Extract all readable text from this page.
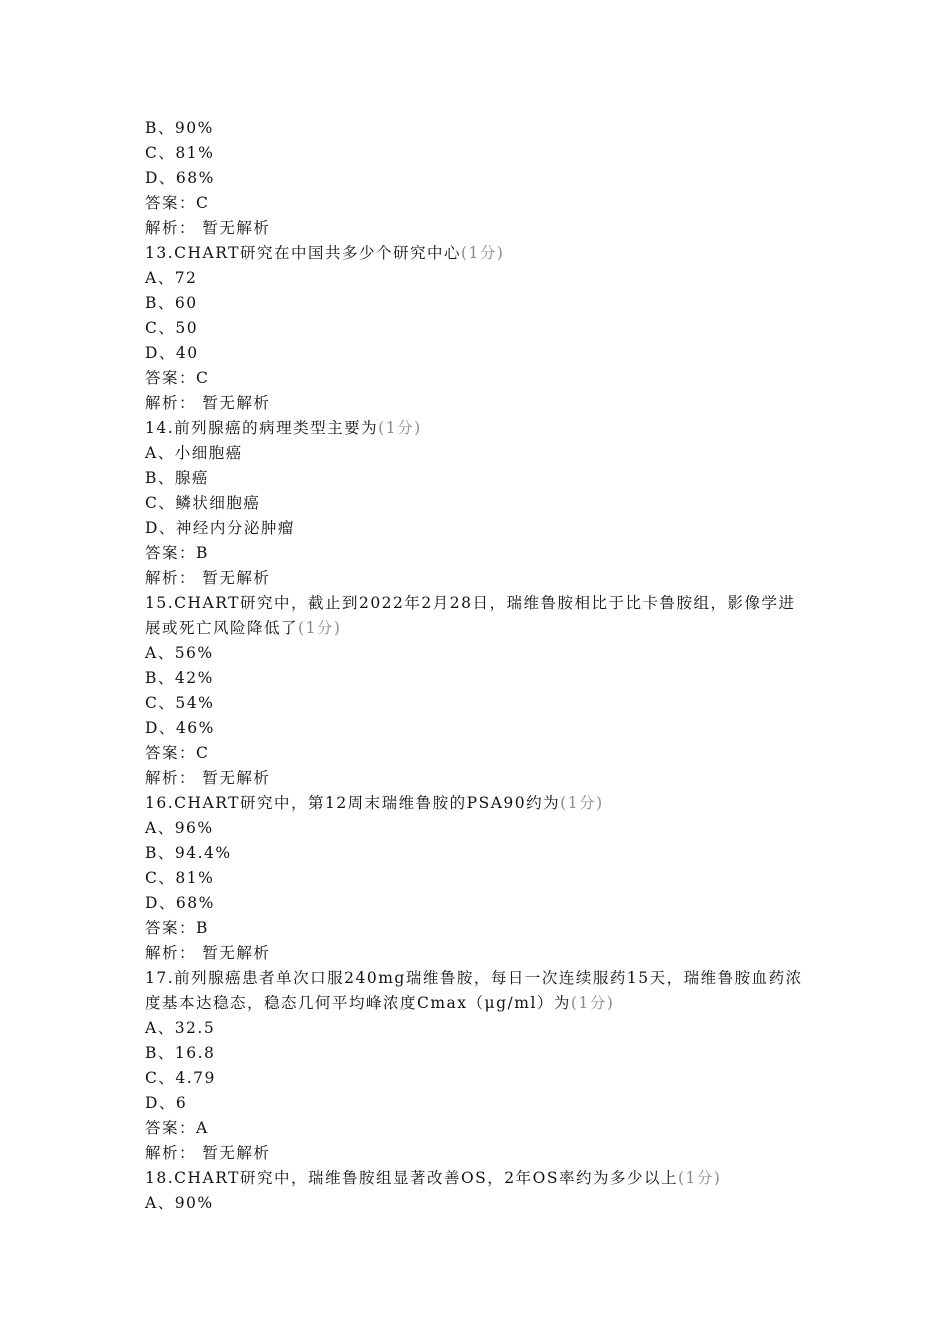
B、90%
C、81%
D、68%
答案：C
解析： 暂无解析
13.CHART研究在中国共多少个研究中心(1分)
A、72
B、60
C、50
D、40
答案：C
解析： 暂无解析
14.前列腺癌的病理类型主要为(1分)
A、小细胞癌
B、腺癌
C、鳞状细胞癌
D、神经内分泌肿瘤
答案：B
解析： 暂无解析
15.CHART研究中，截止到2022年2月28日，瑞维鲁胺相比于比卡鲁胺组，影像学进展或死亡风险降低了(1分)
A、56%
B、42%
C、54%
D、46%
答案：C
解析： 暂无解析
16.CHART研究中，第12周末瑞维鲁胺的PSA90约为(1分)
A、96%
B、94.4%
C、81%
D、68%
答案：B
解析： 暂无解析
17.前列腺癌患者单次口服240mg瑞维鲁胺，每日一次连续服药15天，瑞维鲁胺血药浓度基本达稳态，稳态几何平均峰浓度Cmax（μg/ml）为(1分)
A、32.5
B、16.8
C、4.79
D、6
答案：A
解析： 暂无解析
18.CHART研究中，瑞维鲁胺组显著改善OS，2年OS率约为多少以上(1分)
A、90%
